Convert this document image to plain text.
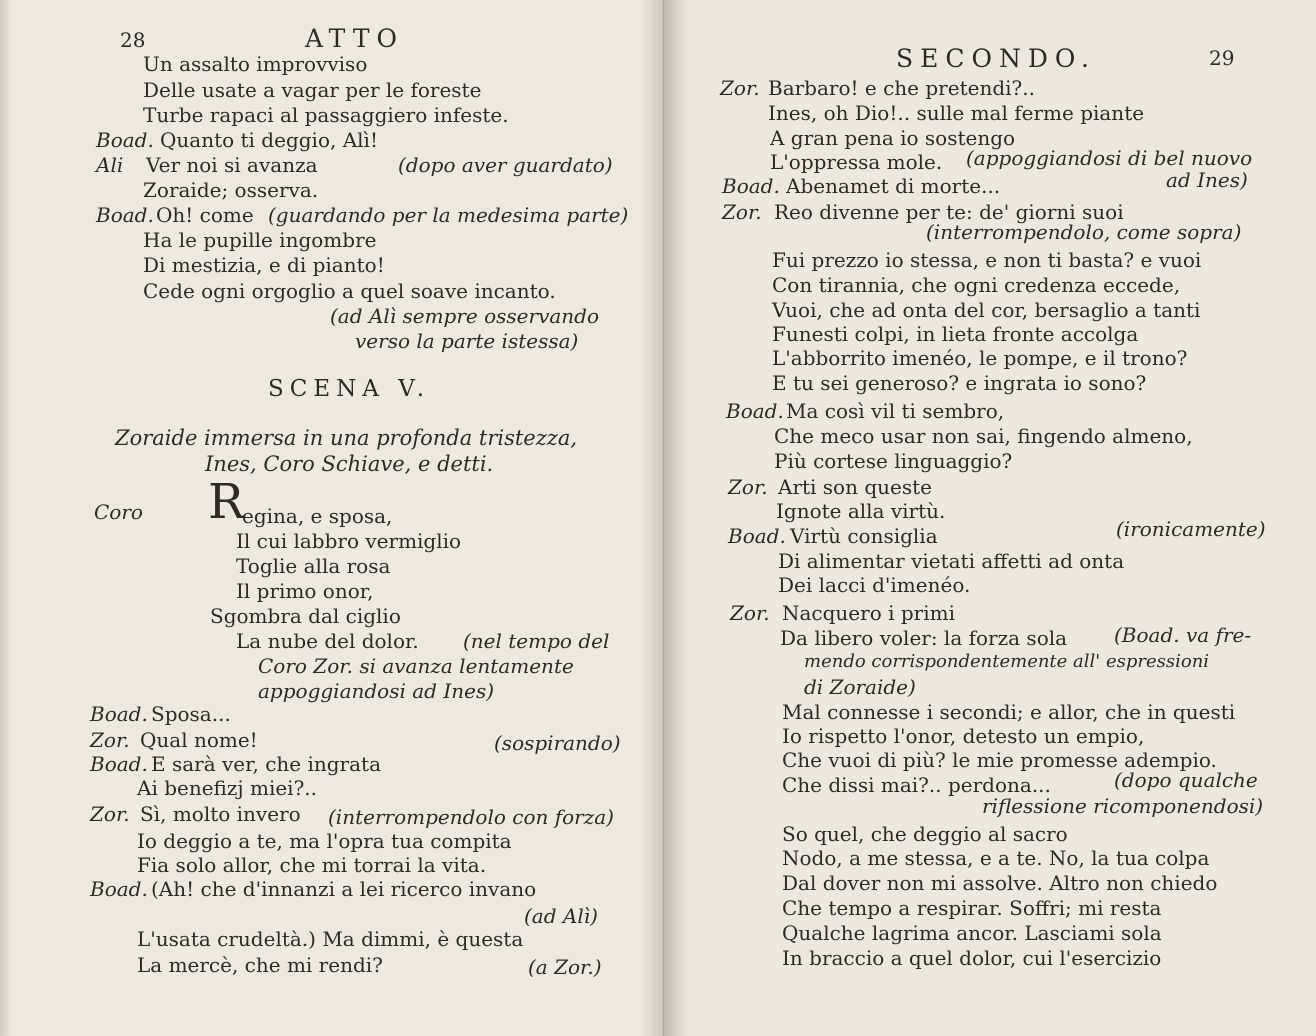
28	ATTO
Un assalto improvviso
Delle usate a vagar per le foreste
Turbe rapaci al passaggiero infeste.
Boad. Quanto ti deggio, Alì!
Ali Ver noi si avanza	(dopo aver guardato)
Zoraide; osserva.
Boad. Oh! come (guardando per la medesima parte)
Ha le pupille ingombre
Di mestizia, e di pianto!
Cede ogni orgoglio a quel soave incanto.
(ad Alì sempre osservando
verso la parte istessa)
SCENA V.
Zoraide immersa in una profonda tristezza,
Ines, Coro Schiave, e detti.
Coro R
egina, e sposa,
Il cui labbro vermiglio
Toglie alla rosa
Il primo onor,
Sgombra dal ciglio
La nube del dolor. (nel tempo del
Coro Zor. si avanza lentamente
appoggiandosi ad Ines)
Boad. Sposa...
Zor. Qual nome!	(sospirando)
Boad. E sarà ver, che ingrata
Ai benefizj miei?..
Zor. Sì, molto invero (interrompendolo con forza)
Io deggio a te, ma l'opra tua compita
Fia solo allor, che mi torrai la vita.
Boad. (Ah! che d'innanzi a lei ricerco invano
(ad Alì)
L'usata crudeltà.) Ma dimmi, è questa
La mercè, che mi rendi?	(a Zor.)
SECONDO.	29
Zor. Barbaro! e che pretendi?..
Ines, oh Dio!.. sulle mal ferme piante
A gran pena io sostengo
L'oppressa mole. (appoggiandosi di bel nuovo
Boad. Abenamet di morte...	ad Ines)
Zor. Reo divenne per te: de' giorni suoi
(interrompendolo, come sopra)
Fui prezzo io stessa, e non ti basta? e vuoi
Con tirannia, che ogni credenza eccede,
Vuoi, che ad onta del cor, bersaglio a tanti
Funesti colpi, in lieta fronte accolga
L'abborrito imenéo, le pompe, e il trono?
E tu sei generoso? e ingrata io sono?
Boad. Ma così vil ti sembro,
Che meco usar non sai, fingendo almeno,
Più cortese linguaggio?
Zor. Arti son queste
Ignote alla virtù.
Boad. Virtù consiglia	(ironicamente)
Di alimentar vietati affetti ad onta
Dei lacci d'imenéo.
Zor. Nacquero i primi
Da libero voler: la forza sola (Boad. va fre-
mendo corrispondentemente all' espressioni
di Zoraide)
Mal connesse i secondi; e allor, che in questi
Io rispetto l'onor, detesto un empio,
Che vuoi di più? le mie promesse adempio.
Che dissi mai?.. perdona...	(dopo qualche
riflessione ricomponendosi)
So quel, che deggio al sacro
Nodo, a me stessa, e a te. No, la tua colpa
Dal dover non mi assolve. Altro non chiedo
Che tempo a respirar. Soffri; mi resta
Qualche lagrima ancor. Lasciami sola
In braccio a quel dolor, cui l'esercizio
